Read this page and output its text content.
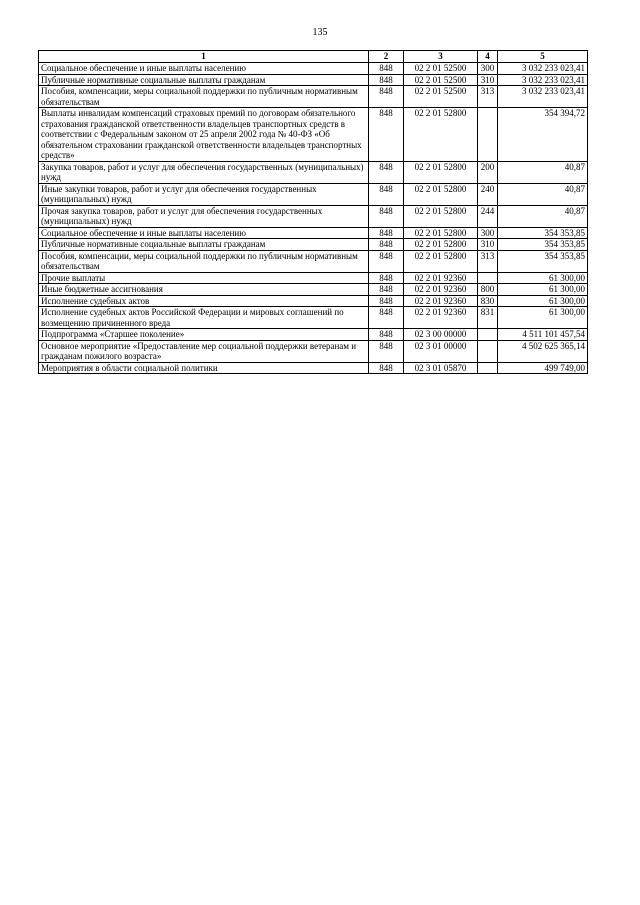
135
1	2	3	4	5
Социальное обеспечение и иные выплаты населению	848	02 2 01 52500	300	3 032 233 023,41
Публичные нормативные социальные выплаты гражданам	848	02 2 01 52500	310	3 032 233 023,41
Пособия, компенсации, меры социальной поддержки по публичным нормативным обязательствам	848	02 2 01 52500	313	3 032 233 023,41
Выплаты инвалидам компенсаций страховых премий по договорам обязательного страхования гражданской ответственности владельцев транспортных средств в соответствии с Федеральным законом от 25 апреля 2002 года № 40-ФЗ «Об обязательном страховании гражданской ответственности владельцев транспортных средств»	848	02 2 01 52800		354 394,72
Закупка товаров, работ и услуг для обеспечения государственных (муниципальных) нужд	848	02 2 01 52800	200	40,87
Иные закупки товаров, работ и услуг для обеспечения государственных (муниципальных) нужд	848	02 2 01 52800	240	40,87
Прочая закупка товаров, работ и услуг для обеспечения государственных (муниципальных) нужд	848	02 2 01 52800	244	40,87
Социальное обеспечение и иные выплаты населению	848	02 2 01 52800	300	354 353,85
Публичные нормативные социальные выплаты гражданам	848	02 2 01 52800	310	354 353,85
Пособия, компенсации, меры социальной поддержки по публичным нормативным обязательствам	848	02 2 01 52800	313	354 353,85
Прочие выплаты	848	02 2 01 92360		61 300,00
Иные бюджетные ассигнования	848	02 2 01 92360	800	61 300,00
Исполнение судебных актов	848	02 2 01 92360	830	61 300,00
Исполнение судебных актов Российской Федерации и мировых соглашений по возмещению причиненного вреда	848	02 2 01 92360	831	61 300,00
Подпрограмма «Старшее поколение»	848	02 3 00 00000		4 511 101 457,54
Основное мероприятие «Предоставление мер социальной поддержки ветеранам и гражданам пожилого возраста»	848	02 3 01 00000		4 502 625 365,14
Мероприятия в области социальной политики	848	02 3 01 05870		499 749,00
